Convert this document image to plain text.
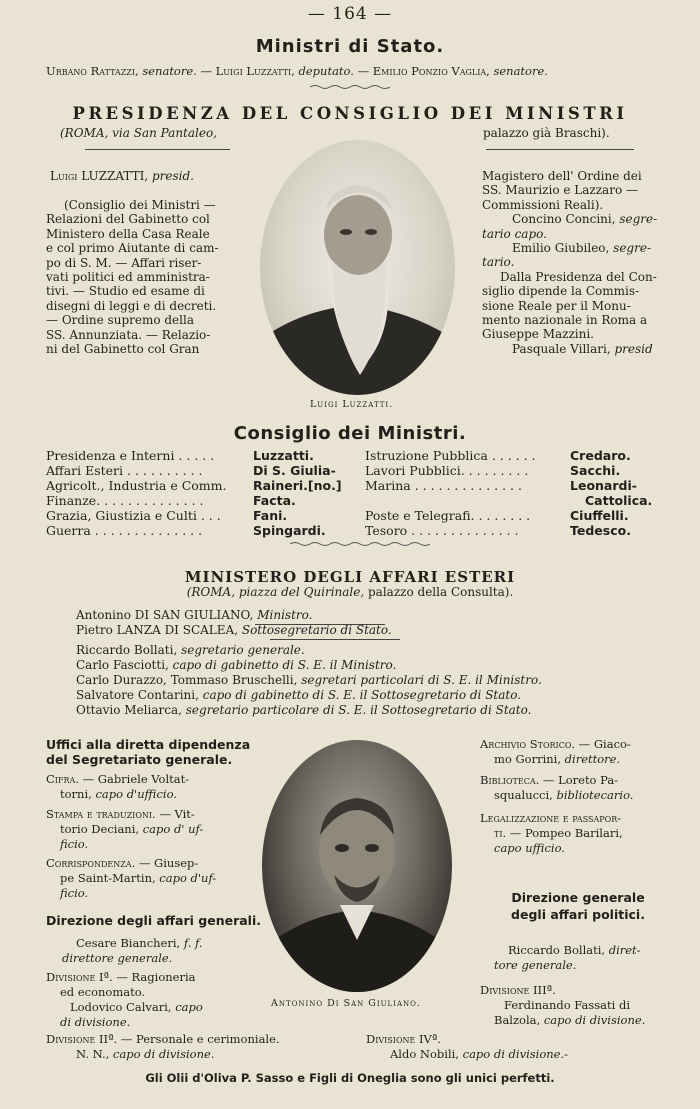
— 164 —
Ministri di Stato.
Urbano Rattazzi, senatore. — Luigi Luzzatti, deputato. — Emilio Ponzio Vaglia, senatore.
PRESIDENZA DEL CONSIGLIO DEI MINISTRI
(ROMA, via San Pantaleo,	palazzo già Braschi).
Luigi LUZZATTI, presid.
(Consiglio dei Ministri —
Relazioni del Gabinetto col
Ministero della Casa Reale
e col primo Aiutante di cam-
po di S. M. — Affari riser-
vati politici ed amministra-
tivi. — Studio ed esame di
disegni di leggi e di decreti.
— Ordine supremo della
SS. Annunziata. — Relazio-
ni del Gabinetto col Gran
Luigi Luzzatti.
Magistero dell' Ordine dei
SS. Maurizio e Lazzaro —
Commissioni Reali).
Concino Concini, segre-
tario capo.
Emilio Giubileo, segre-
tario.
Dalla Presidenza del Con-
siglio dipende la Commis-
sione Reale per il Monu-
mento nazionale in Roma a
Giuseppe Mazzini.
Pasquale Villari, presid
Consiglio dei Ministri.
Presidenza e Interni . . . . .	Luzzatti.
Affari Esteri . . . . . . . . . .	Di S. Giulia-
Agricolt., Industria e Comm. Raineri.[no.]
Finanze. . . . . . . . . . . . . .	Facta.
Grazia, Giustizia e Culti . . .	Fani.
Guerra . . . . . . . . . . . . . .	Spingardi.
Istruzione Pubblica . . . . . .	Credaro.
Lavori Pubblici. . . . . . . . .	Sacchi.
Marina . . . . . . . . . . . . . .	Leonardi-
Cattolica.
Poste e Telegrafi. . . . . . . .	Ciuffelli.
Tesoro . . . . . . . . . . . . . .	Tedesco.
MINISTERO DEGLI AFFARI ESTERI
(ROMA, piazza del Quirinale, palazzo della Consulta).
Antonino DI SAN GIULIANO, Ministro.
Pietro LANZA DI SCALEA, Sottosegretario di Stato.
Riccardo Bollati, segretario generale.
Carlo Fasciotti, capo di gabinetto di S. E. il Ministro.
Carlo Durazzo, Tommaso Bruschelli, segretari particolari di S. E. il Ministro.
Salvatore Contarini, capo di gabinetto di S. E. il Sottosegretario di Stato.
Ottavio Meliarca, segretario particolare di S. E. il Sottosegretario di Stato.
Uffici alla diretta dipendenza
del Segretariato generale.
Cifra. — Gabriele Voltat-
torni, capo d'ufficio.
Stampa e traduzioni. — Vit-
torio Deciani, capo d' uf-
ficio.
Corrispondenza. — Giusep-
pe Saint-Martin, capo d'uf-
ficio.
Direzione degli affari generali.
Cesare Biancheri, f. f.
direttore generale.
Divisione Iª. — Ragioneria
ed economato.
Lodovico Calvari, capo
di divisione.
Divisione IIª. — Personale e cerimoniale.
N. N., capo di divisione.
Divisione IVª.
Aldo Nobili, capo di divisione.-
Antonino Di San Giuliano.
Archivio Storico. — Giaco-
mo Gorrini, direttore.
Biblioteca. — Loreto Pa-
squalucci, bibliotecario.
Legalizzazione e passapor-
ti. — Pompeo Barilari,
capo ufficio.
Direzione generale
degli affari politici.
Riccardo Bollati, diret-
tore generale.
Divisione IIIª.
Ferdinando Fassati di
Balzola, capo di divisione.
Gli Olii d'Oliva P. Sasso e Figli di Oneglia sono gli unici perfetti.
